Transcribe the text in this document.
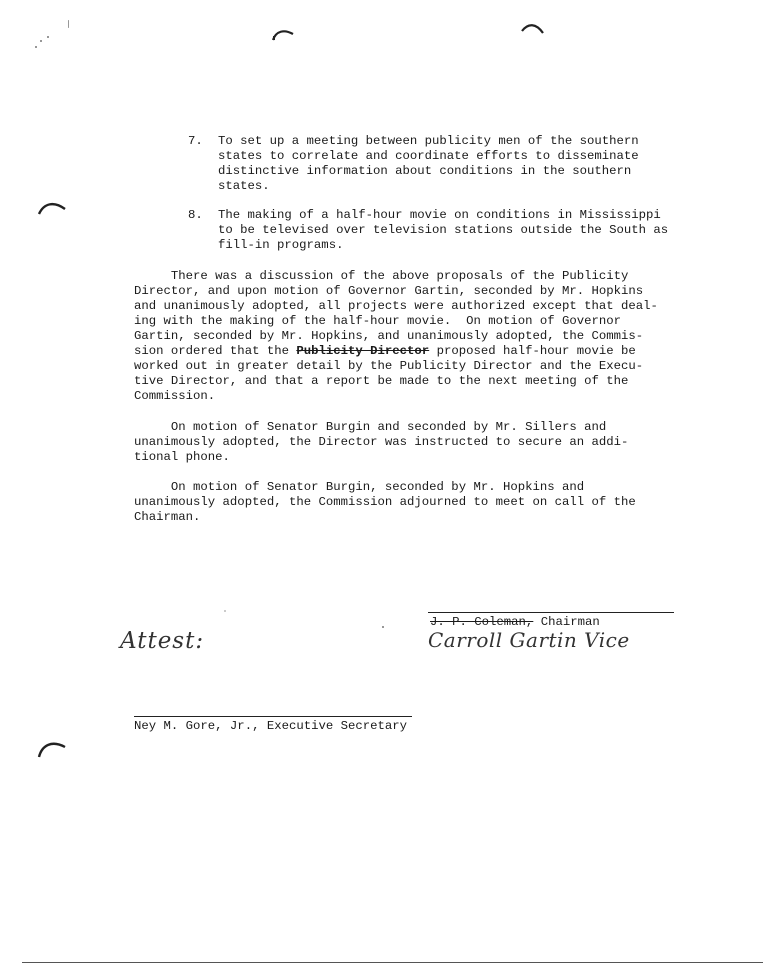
7. To set up a meeting between publicity men of the southern
states to correlate and coordinate efforts to disseminate
distinctive information about conditions in the southern
states.
8. The making of a half-hour movie on conditions in Mississippi
to be televised over television stations outside the South as
fill-in programs.
There was a discussion of the above proposals of the Publicity
Director, and upon motion of Governor Gartin, seconded by Mr. Hopkins
and unanimously adopted, all projects were authorized except that deal-
ing with the making of the half-hour movie.  On motion of Governor
Gartin, seconded by Mr. Hopkins, and unanimously adopted, the Commis-
sion ordered that the Publicity Director proposed half-hour movie be
worked out in greater detail by the Publicity Director and the Execu-
tive Director, and that a report be made to the next meeting of the
Commission.
On motion of Senator Burgin and seconded by Mr. Sillers and
unanimously adopted, the Director was instructed to secure an addi-
tional phone.
On motion of Senator Burgin, seconded by Mr. Hopkins and
unanimously adopted, the Commission adjourned to meet on call of the
Chairman.
J. P. Coleman, Chairman
Carroll Gartin Vice
Attest:
Ney M. Gore, Jr., Executive Secretary
